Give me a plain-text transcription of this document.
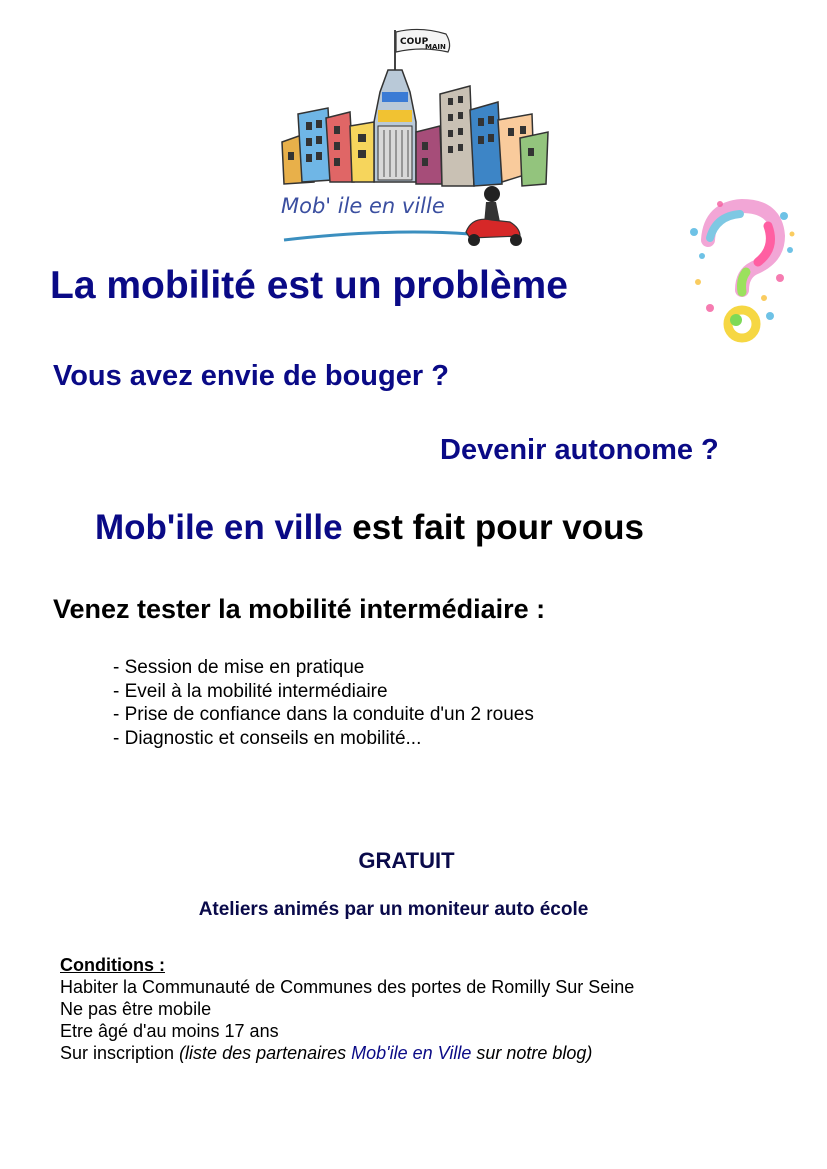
COUP
MAIN
Mob' ile en ville
La mobilité est un problème
Vous avez envie de bouger ?
Devenir autonome ?
Mob'ile en ville est fait pour vous
Venez tester la mobilité intermédiaire :
- Session de mise en pratique
- Eveil à la mobilité intermédiaire
- Prise de confiance dans la conduite d'un 2 roues
- Diagnostic et conseils en mobilité...
GRATUIT
Ateliers animés par un moniteur auto école
Conditions :
Habiter la Communauté de Communes des portes de Romilly Sur Seine
Ne pas être mobile
Etre âgé d'au moins 17 ans
Sur inscription (liste des partenaires Mob'ile en Ville sur notre blog)
